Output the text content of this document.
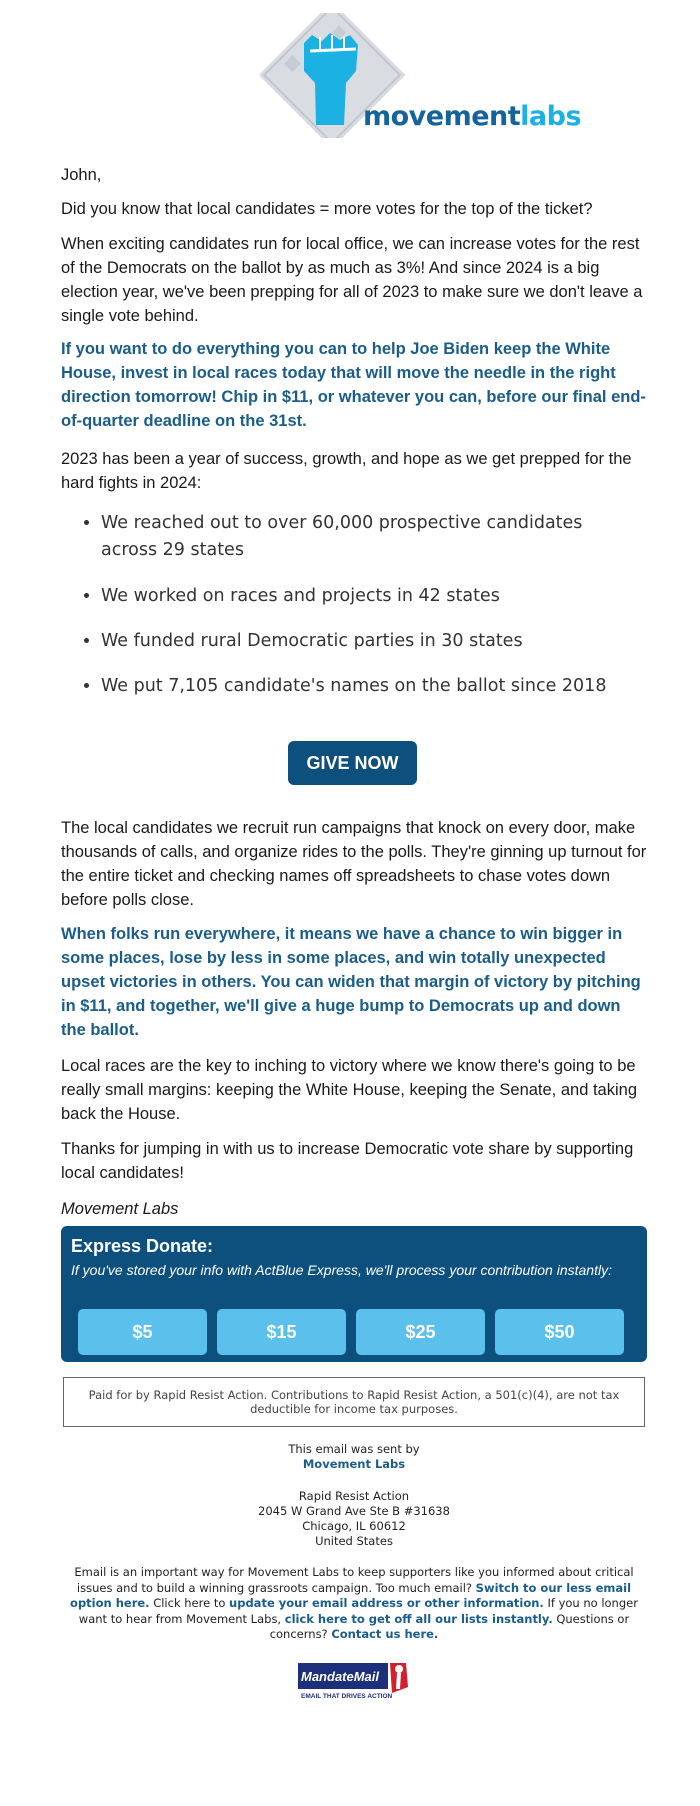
movementlabs

John,

Did you know that local candidates = more votes for the top of the ticket?

When exciting candidates run for local office, we can increase votes for the rest of the Democrats on the ballot by as much as 3%! And since 2024 is a big election year, we've been prepping for all of 2023 to make sure we don't leave a single vote behind.

If you want to do everything you can to help Joe Biden keep the White House, invest in local races today that will move the needle in the right direction tomorrow! Chip in $11, or whatever you can, before our final end-of-quarter deadline on the 31st.

2023 has been a year of success, growth, and hope as we get prepped for the hard fights in 2024:

• We reached out to over 60,000 prospective candidates across 29 states
• We worked on races and projects in 42 states
• We funded rural Democratic parties in 30 states
• We put 7,105 candidate's names on the ballot since 2018
GIVE NOW

The local candidates we recruit run campaigns that knock on every door, make thousands of calls, and organize rides to the polls. They're ginning up turnout for the entire ticket and checking names off spreadsheets to chase votes down before polls close.

When folks run everywhere, it means we have a chance to win bigger in some places, lose by less in some places, and win totally unexpected upset victories in others. You can widen that margin of victory by pitching in $11, and together, we'll give a huge bump to Democrats up and down the ballot.

Local races are the key to inching to victory where we know there's going to be really small margins: keeping the White House, keeping the Senate, and taking back the House.

Thanks for jumping in with us to increase Democratic vote share by supporting local candidates!

Movement Labs

Express Donate:
If you've stored your info with ActBlue Express, we'll process your contribution instantly:
$5	$15	$25	$50
Paid for by Rapid Resist Action. Contributions to Rapid Resist Action, a 501(c)(4), are not tax deductible for income tax purposes.
This email was sent by
Movement Labs
Rapid Resist Action
2045 W Grand Ave Ste B #31638
Chicago, IL 60612
United States
Email is an important way for Movement Labs to keep supporters like you informed about critical issues and to build a winning grassroots campaign. Too much email? Switch to our less email option here. Click here to update your email address or other information. If you no longer want to hear from Movement Labs, click here to get off all our lists instantly. Questions or concerns? Contact us here.
MandateMail
EMAIL THAT DRIVES ACTION
